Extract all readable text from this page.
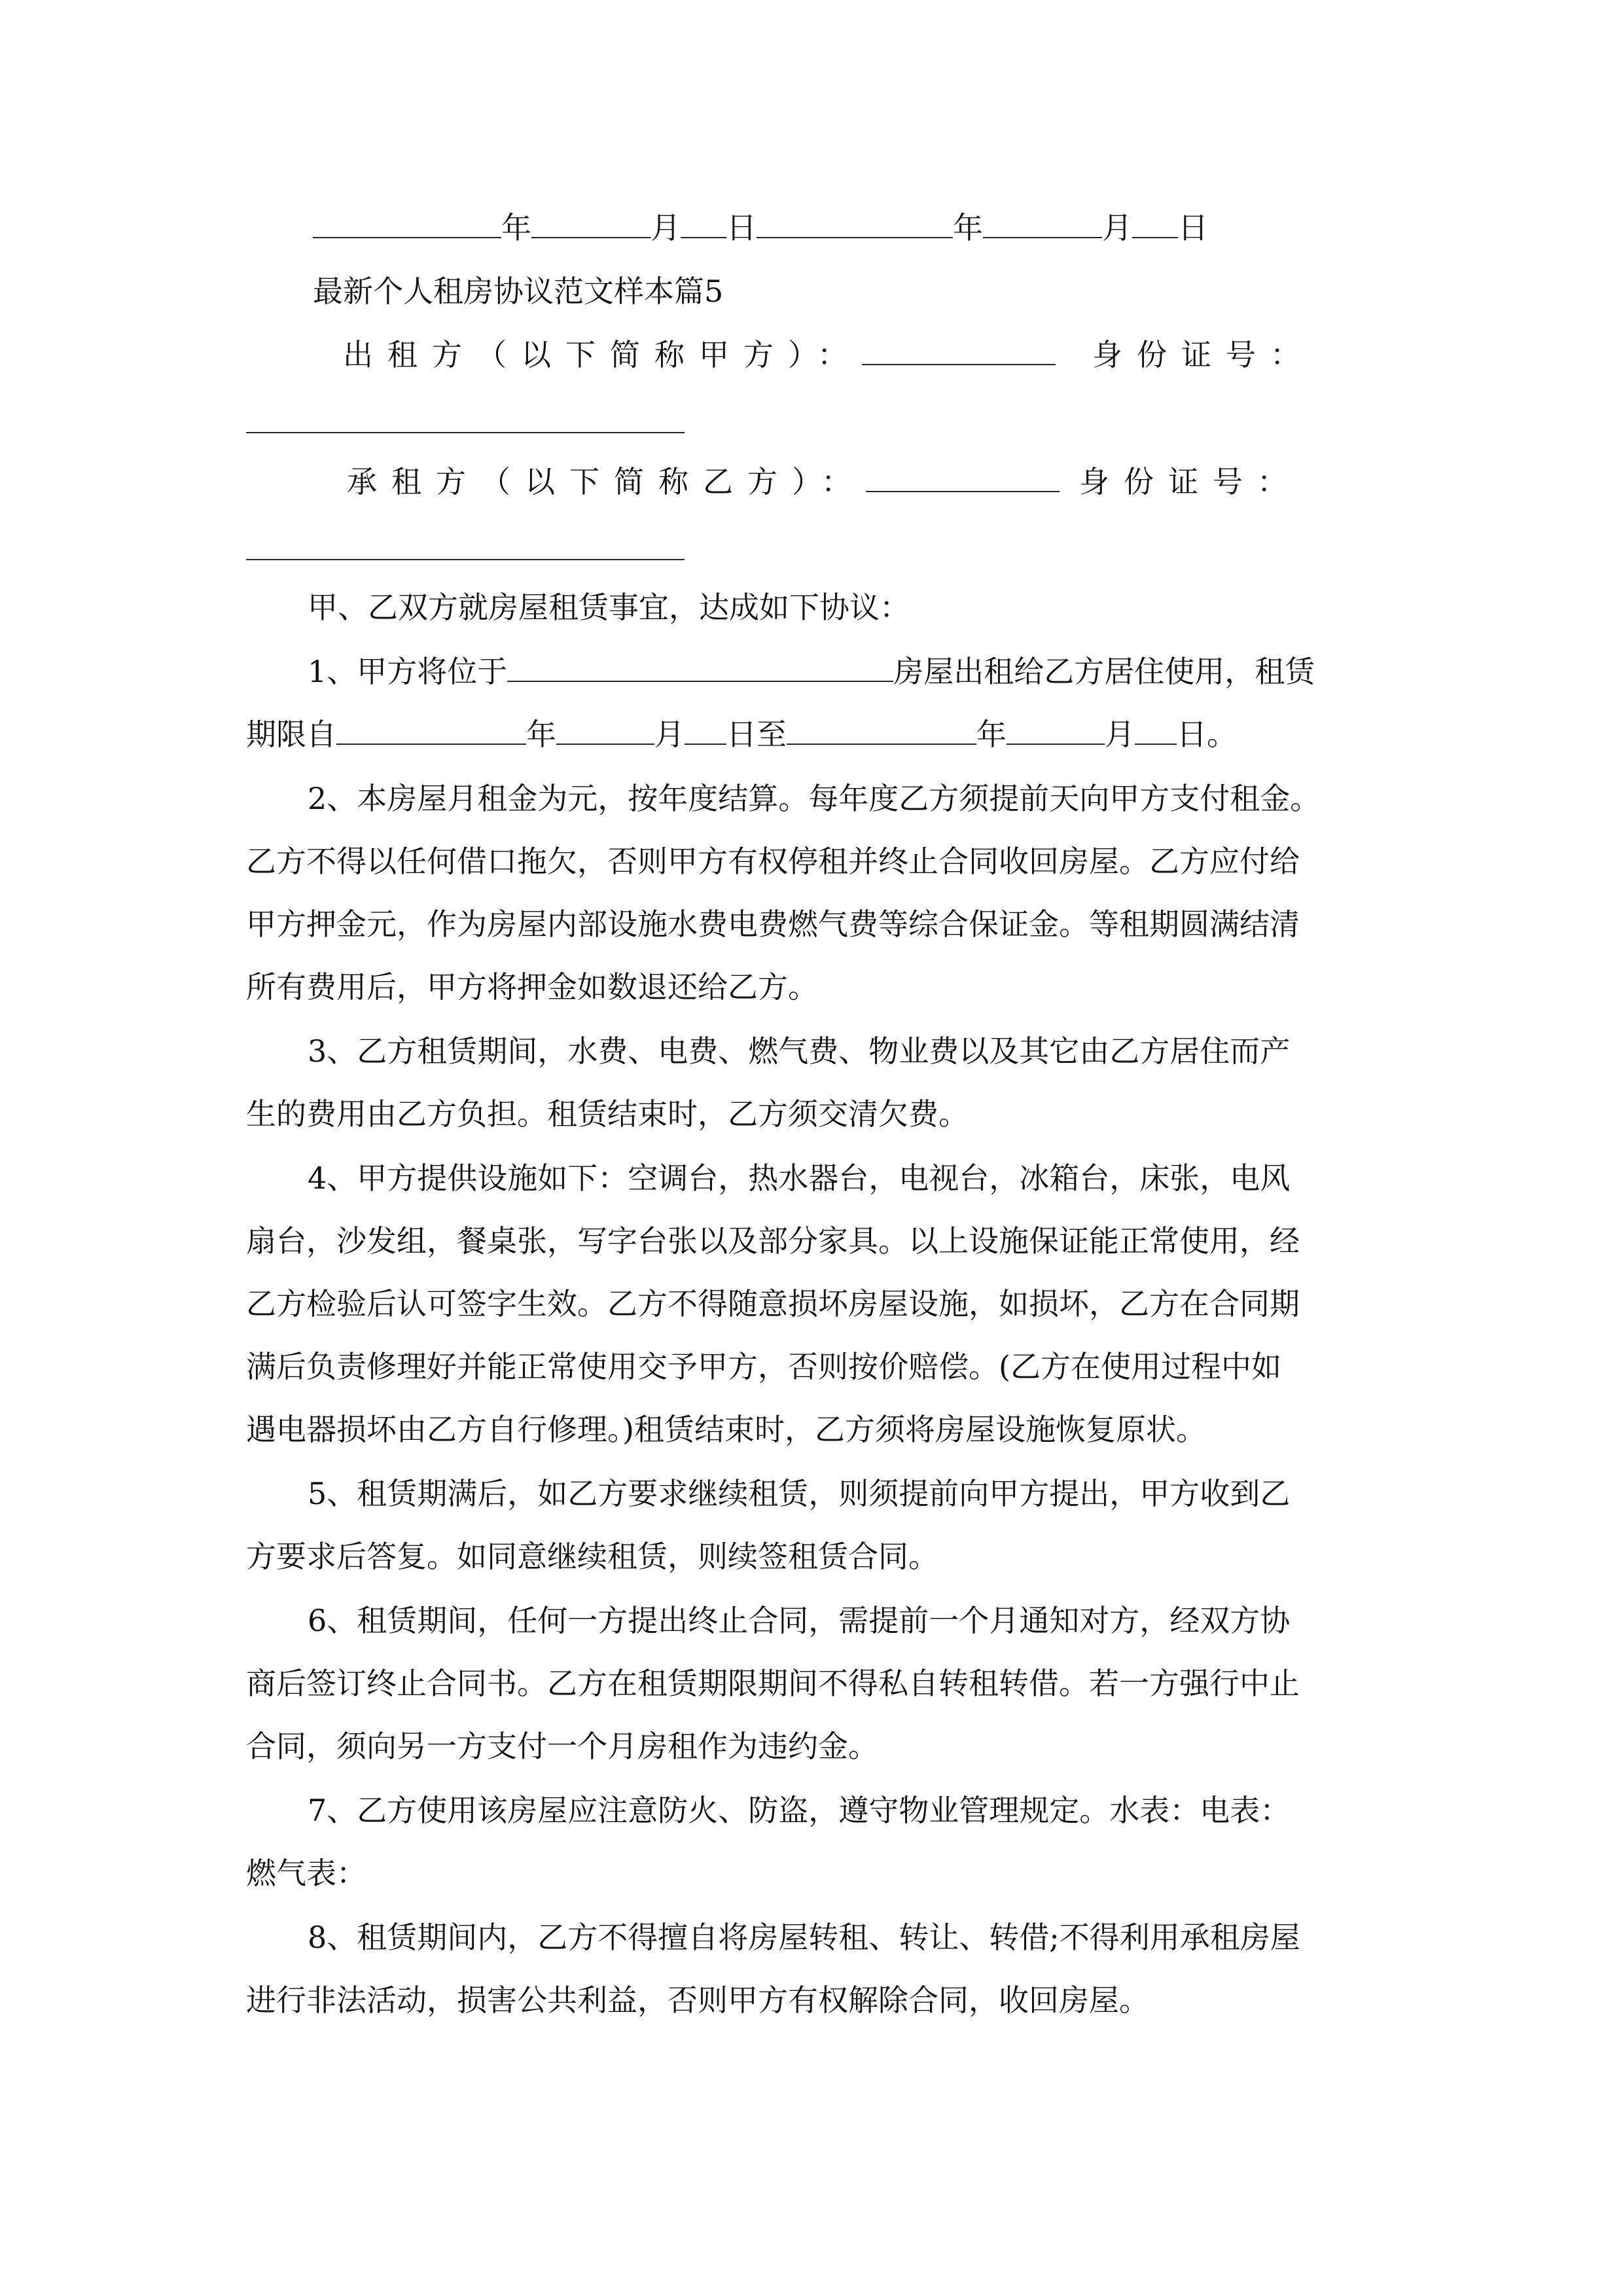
年	月 日	年	月 日
最新个人租房协议范文样本篇5
出租方（以下简称甲方）：	身份证号：
承租方（以下简称乙方）：	身份证号：
甲、乙双方就房屋租赁事宜，达成如下协议：
1、甲方将位于	房屋出租给乙方居住使用，租赁
期限自	年	月 日至	年	月 日。
2、本房屋月租金为元，按年度结算。每年度乙方须提前天向甲方支付租金。
乙方不得以任何借口拖欠，否则甲方有权停租并终止合同收回房屋。乙方应付给
甲方押金元，作为房屋内部设施水费电费燃气费等综合保证金。等租期圆满结清
所有费用后，甲方将押金如数退还给乙方。
3、乙方租赁期间，水费、电费、燃气费、物业费以及其它由乙方居住而产
生的费用由乙方负担。租赁结束时，乙方须交清欠费。
4、甲方提供设施如下：空调台，热水器台，电视台，冰箱台，床张，电风
扇台，沙发组，餐桌张，写字台张以及部分家具。以上设施保证能正常使用，经
乙方检验后认可签字生效。乙方不得随意损坏房屋设施，如损坏，乙方在合同期
满后负责修理好并能正常使用交予甲方，否则按价赔偿。(乙方在使用过程中如
遇电器损坏由乙方自行修理。)租赁结束时，乙方须将房屋设施恢复原状。
5、租赁期满后，如乙方要求继续租赁，则须提前向甲方提出，甲方收到乙
方要求后答复。如同意继续租赁，则续签租赁合同。
6、租赁期间，任何一方提出终止合同，需提前一个月通知对方，经双方协
商后签订终止合同书。乙方在租赁期限期间不得私自转租转借。若一方强行中止
合同，须向另一方支付一个月房租作为违约金。
7、乙方使用该房屋应注意防火、防盗，遵守物业管理规定。水表：电表：
燃气表：
8、租赁期间内，乙方不得擅自将房屋转租、转让、转借;不得利用承租房屋
进行非法活动，损害公共利益，否则甲方有权解除合同，收回房屋。
